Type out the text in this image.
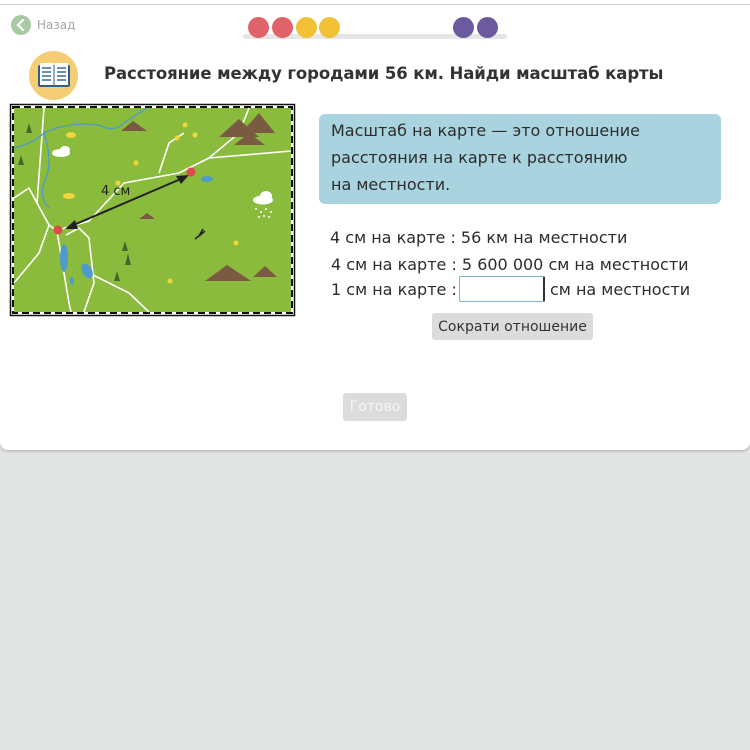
Назад
Расстояние между городами 56 км. Найди масштаб карты
4 см
Масштаб на карте — это отношение
расстояния на карте к расстоянию
на местности.
4 см на карте : 56 км на местности
4 см на карте : 5 600 000 см на местности
1 см на карте :	см на местности
Сократи отношение
Готово
